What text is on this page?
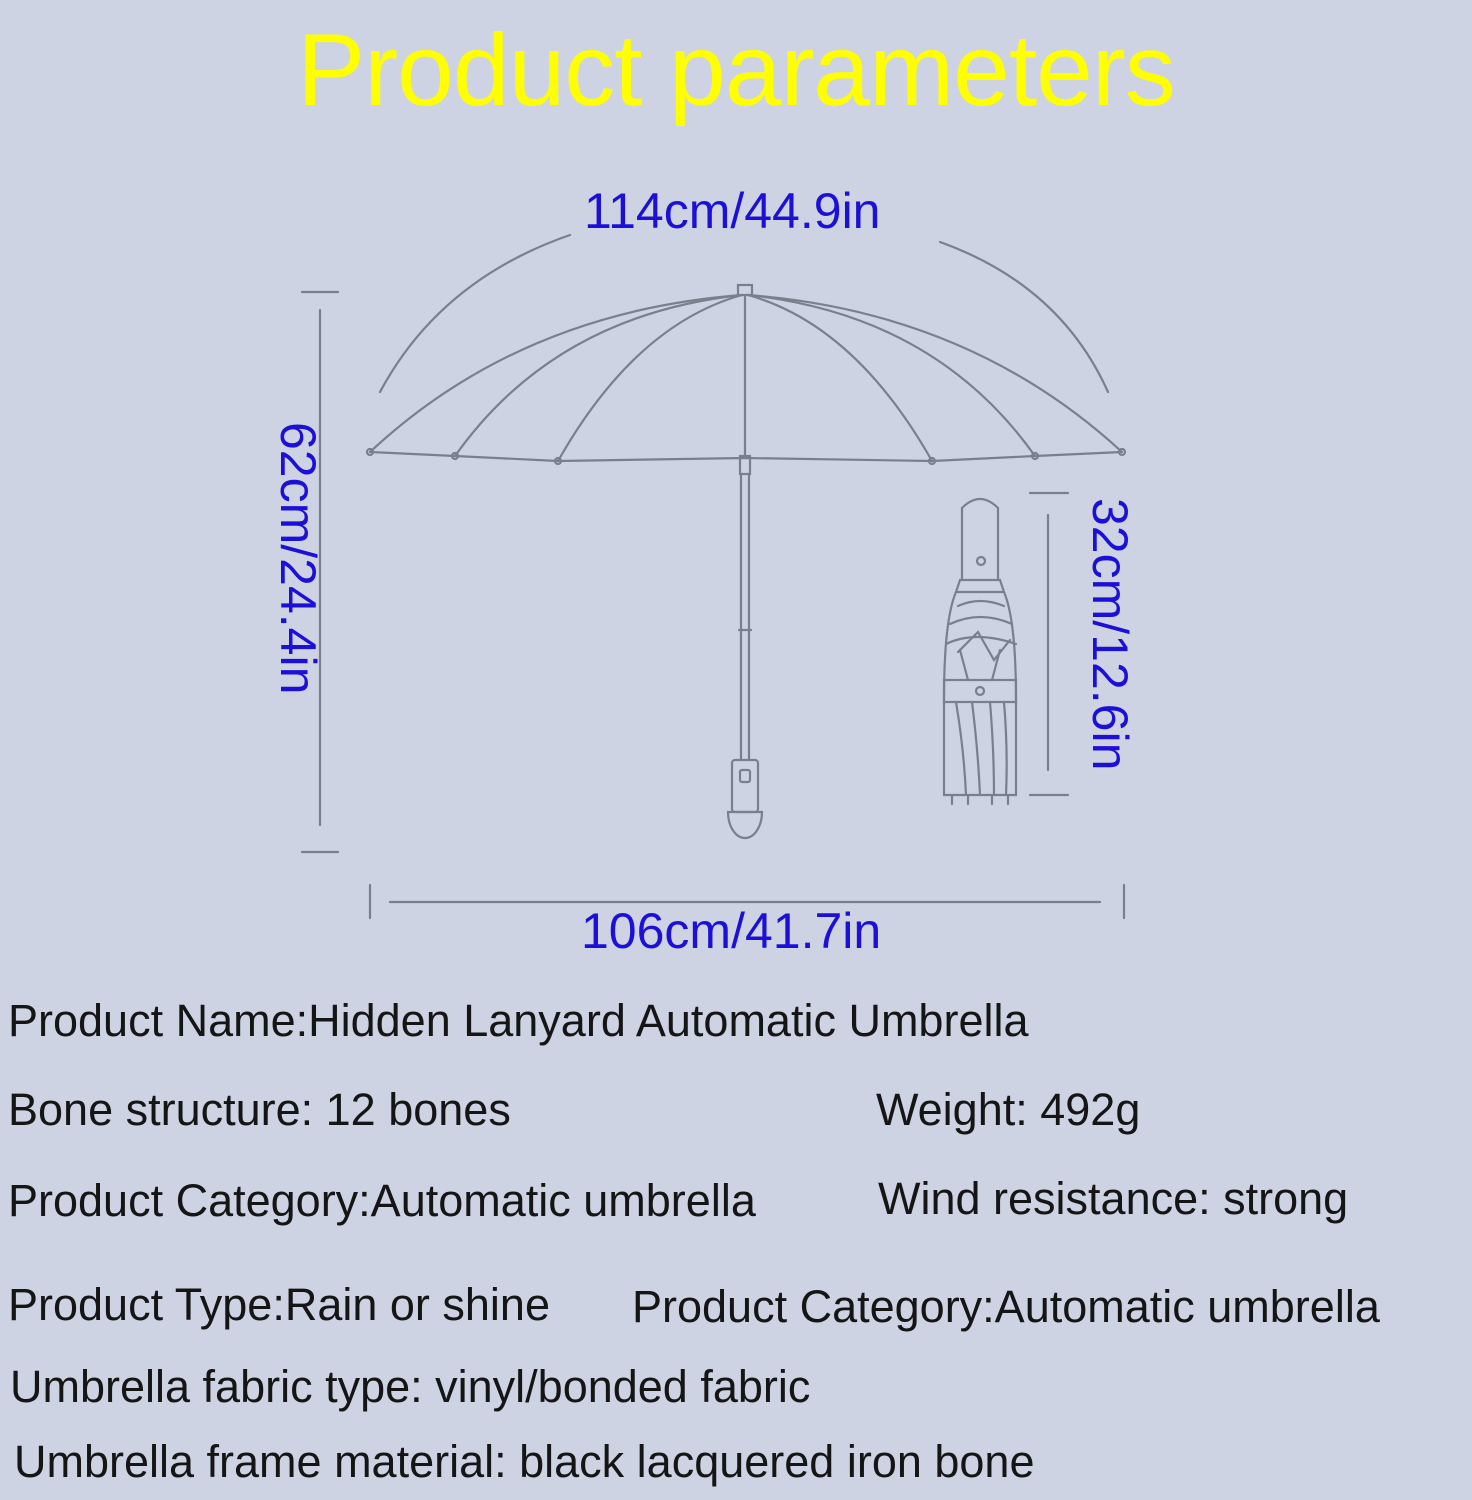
Product parameters
114cm/44.9in
62cm/24.4in	32cm/12.6in
106cm/41.7in
Product Name:Hidden Lanyard Automatic Umbrella
Bone structure: 12 bones	Weight: 492g
Product Category:Automatic umbrella	Wind resistance: strong
Product Type:Rain or shine Product Category:Automatic umbrella
Umbrella fabric type: vinyl/bonded fabric
Umbrella frame material: black lacquered iron bone
